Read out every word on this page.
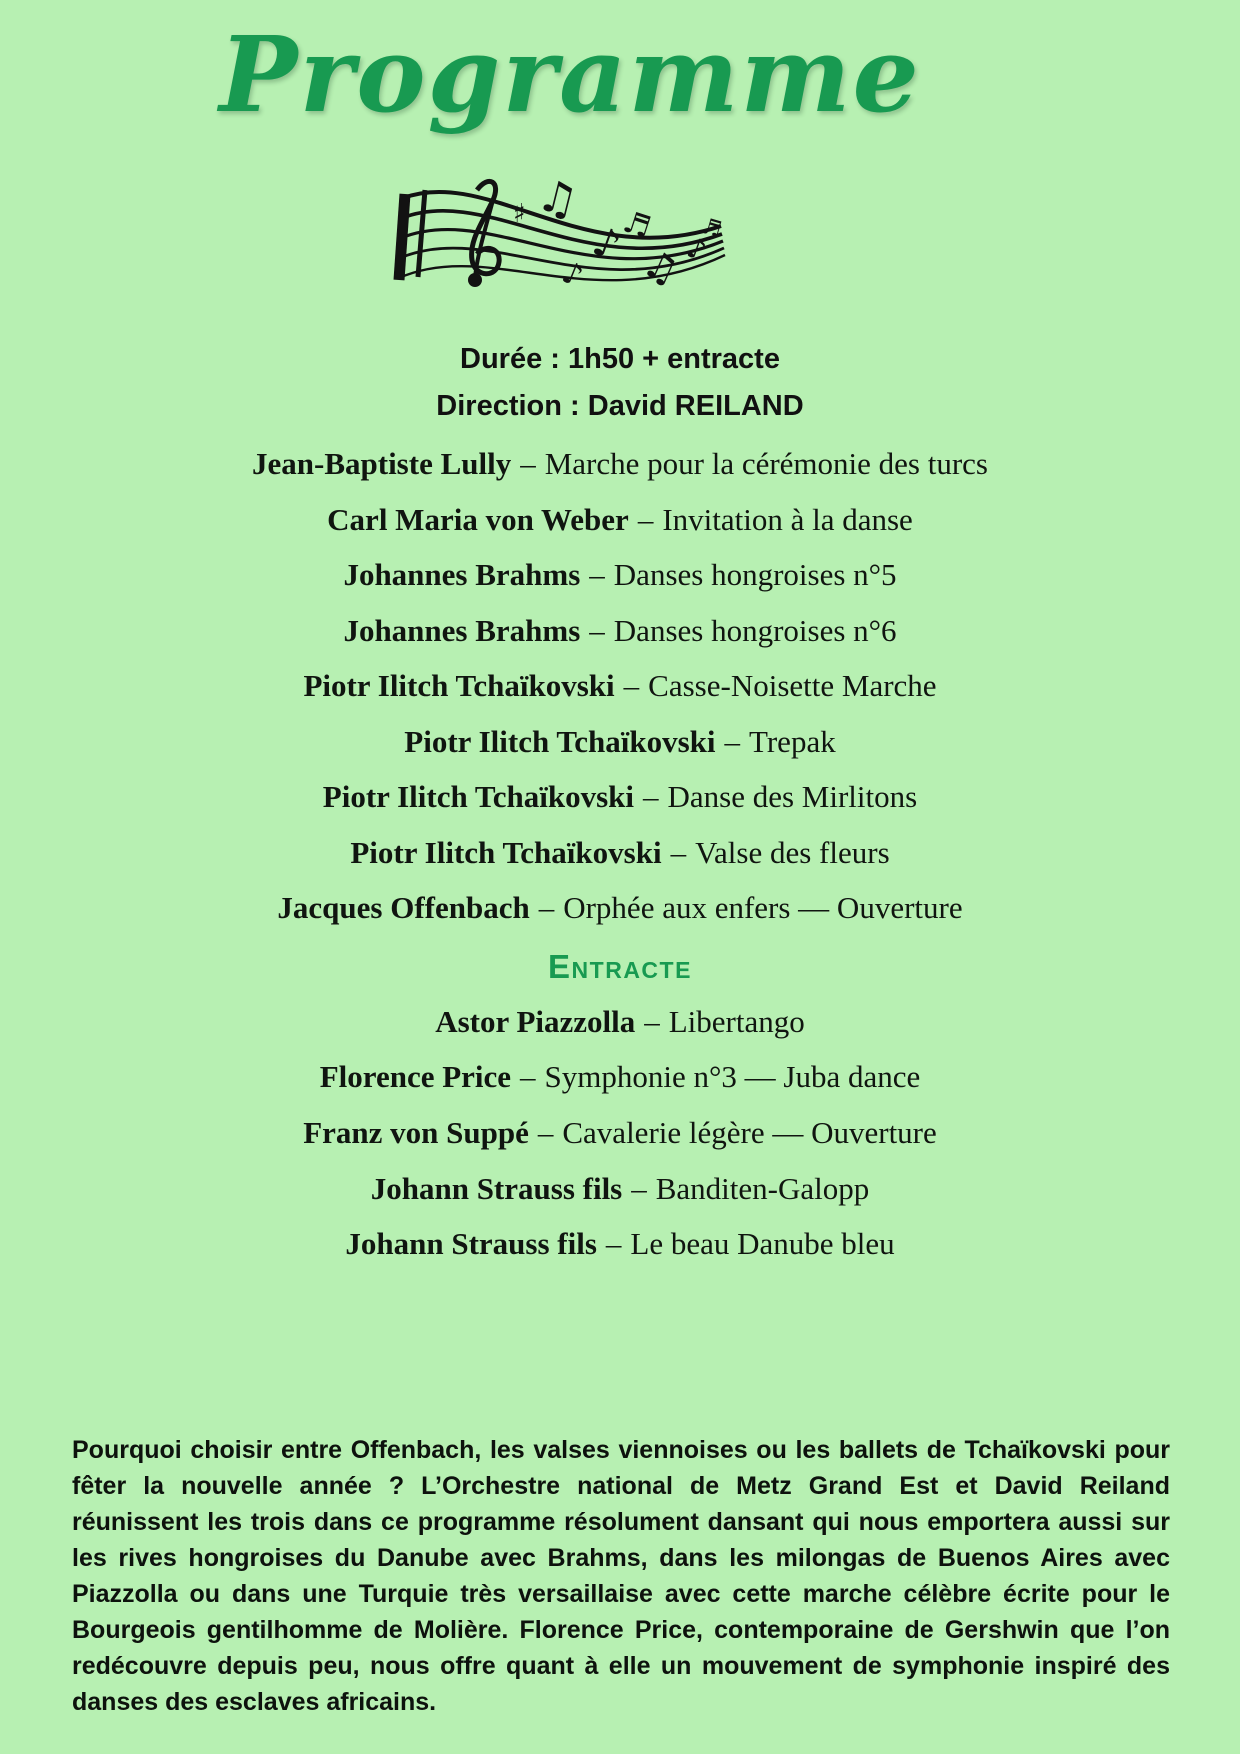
Programme
♯ ♫
♪
♬
♫
♪
♪
♬
Durée : 1h50 + entracte
Direction : David REILAND
Jean-Baptiste Lully – Marche pour la cérémonie des turcs
Carl Maria von Weber – Invitation à la danse
Johannes Brahms – Danses hongroises n°5
Johannes Brahms – Danses hongroises n°6
Piotr Ilitch Tchaïkovski – Casse-Noisette Marche
Piotr Ilitch Tchaïkovski – Trepak
Piotr Ilitch Tchaïkovski – Danse des Mirlitons
Piotr Ilitch Tchaïkovski – Valse des fleurs
Jacques Offenbach – Orphée aux enfers — Ouverture
Entracte
Astor Piazzolla – Libertango
Florence Price – Symphonie n°3 — Juba dance
Franz von Suppé – Cavalerie légère — Ouverture
Johann Strauss fils – Banditen-Galopp
Johann Strauss fils – Le beau Danube bleu
Pourquoi choisir entre Offenbach, les valses viennoises ou les ballets de Tchaïkovski pour fêter la nouvelle année ? L’Orchestre national de Metz Grand Est et David Reiland réunissent les trois dans ce programme résolument dansant qui nous emportera aussi sur les rives hongroises du Danube avec Brahms, dans les milongas de Buenos Aires avec Piazzolla ou dans une Turquie très versaillaise avec cette marche célèbre écrite pour le Bourgeois gentilhomme de Molière. Florence Price, contemporaine de Gershwin que l’on redécouvre depuis peu, nous offre quant à elle un mouvement de symphonie inspiré des danses des esclaves africains.
